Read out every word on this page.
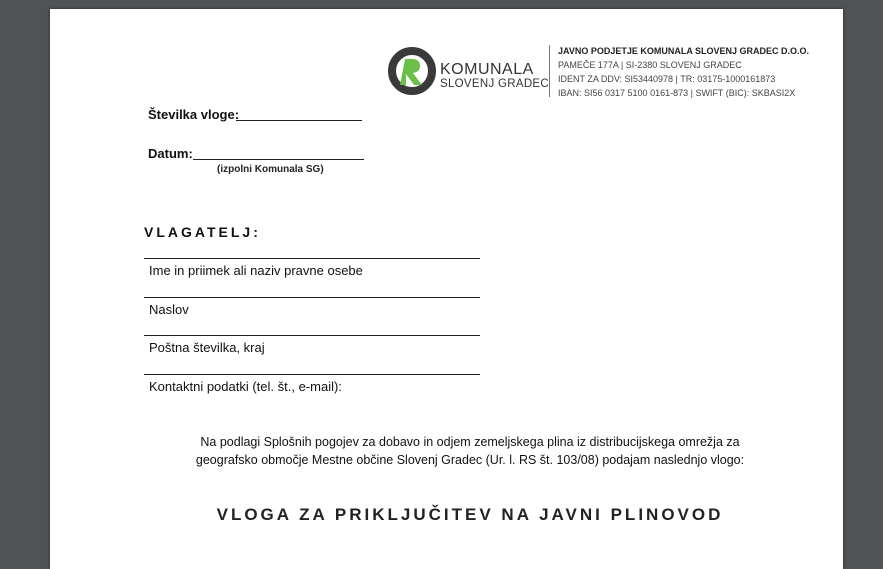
KOMUNALA
SLOVENJ GRADEC
JAVNO PODJETJE KOMUNALA SLOVENJ GRADEC D.O.O.
PAMEČE 177A | SI-2380 SLOVENJ GRADEC
IDENT ZA DDV: SI53440978 | TR: 03175-1000161873
IBAN: SI56 0317 5100 0161-873 | SWIFT (BIC): SKBASI2X
Številka vloge:
Datum:
(izpolni Komunala SG)
VLAGATELJ:
Ime in priimek ali naziv pravne osebe
Naslov
Poštna številka, kraj
Kontaktni podatki (tel. št., e-mail):
Na podlagi Splošnih pogojev za dobavo in odjem zemeljskega plina iz distribucijskega omrežja za
geografsko območje Mestne občine Slovenj Gradec (Ur. l. RS št. 103/08) podajam naslednjo vlogo:
VLOGA ZA PRIKLJUČITEV NA JAVNI PLINOVOD
